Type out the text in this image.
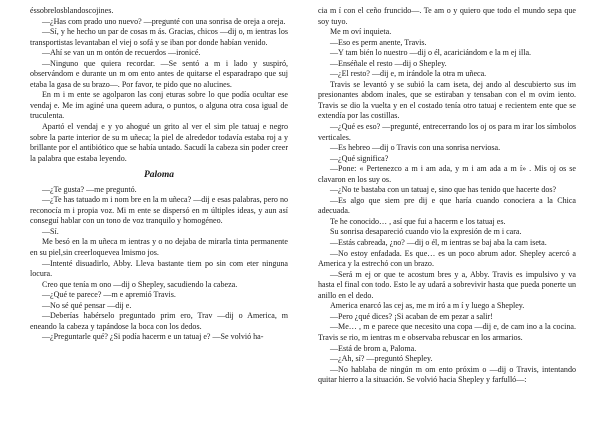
éssobrelosblandoscojines.

—¿Has com prado uno nuevo? —pregunté con una sonrisa de oreja a oreja.

—Sí, y he hecho un par de cosas m ás. Gracias, chicos —dij o, m ientras los transportistas levantaban el viej o sofá y se iban por donde habían venido.

—Ahí se van un m ontón de recuerdos —ironicé.

—Ninguno que quiera recordar. —Se sentó a m i lado y suspiró, observándom e durante un m om ento antes de quitarse el esparadrapo que suj etaba la gasa de su brazo—. Por favor, te pido que no alucines.

En m i m ente se agolparon las conj eturas sobre lo que podía ocultar ese vendaj e. Me im aginé una queem adura, o puntos, o alguna otra cosa igual de truculenta.

Apartó el vendaj e y yo ahogué un grito al ver el sim ple tatuaj e negro sobre la parte interior de su m uñeca; la piel de alrededor todavía estaba roj a y brillante por el antibiótico que se había untado. Sacudí la cabeza sin poder creer la palabra que estaba leyendo.

Paloma

—¿Te gusta? —me preguntó.

—¿Te has tatuado m i nom bre en la m uñeca? —dij e esas palabras, pero no reconocía m i propia voz. Mi m ente se dispersó en m últiples ideas, y aun así conseguí hablar con un tono de voz tranquilo y homogéneo.

—Sí.

Me besó en la m uñeca m ientras y o no dejaba de mirarla tinta permanente en su piel,sin creerloquevea lmismo jos.

—Intenté disuadirlo, Abby. Lleva bastante tiem po sin com eter ninguna locura.

Creo que tenía m ono —dij o Shepley, sacudiendo la cabeza.

—¿Qué te parece? —m e apremió Travis.

—No sé qué pensar —dij e.

—Deberías habérselo preguntado prim ero, Trav —dij o America, m eneando la cabeza y tapándose la boca con los dedos.

—¿Preguntarle qué? ¿Si podía hacerm e un tatuaj e? —Se volvió ha-

cia m í con el ceño fruncido—. Te am o y quiero que todo el mundo sepa que soy tuyo.

Me m oví inquieta.

—Eso es perm anente, Travis.

—Y tam bién lo nuestro —dij o él, acariciándom e la m ej illa.

—Enséñale el resto —dij o Shepley.

—¿El resto? —dij e, m irándole la otra m uñeca.

Travis se levantó y se subió la cam iseta, dej ando al descubierto sus im presionantes abdom inales, que se estiraban y tensaban con el m ovim iento. Travis se dio la vuelta y en el costado tenía otro tatuaj e recientem ente que se extendía por las costillas.

—¿Qué es eso? —pregunté, entrecerrando los oj os para m irar los símbolos verticales.

—Es hebreo —dij o Travis con una sonrisa nerviosa.

—¿Qué significa?

—Pone: « Pertenezco a m i am ada, y m i am ada a m í» . Mis oj os se clavaron en los suy os.

—¿No te bastaba con un tatuaj e, sino que has tenido que hacerte dos?

—Es algo que siem pre dij e que haría cuando conociera a la Chica adecuada.

Te he conocido… , así que fui a hacerm e los tatuaj es.

Su sonrisa desapareció cuando vio la expresión de m i cara.

—Estás cabreada, ¿no? —dij o él, m ientras se baj aba la cam iseta.

—No estoy enfadada. Es que… es un poco abrum ador. Shepley acercó a America y la estrechó con un brazo.

—Será m ej or que te acostum bres y a, Abby. Travis es impulsivo y va hasta el final con todo. Esto le ay udará a sobrevivir hasta que pueda ponerte un anillo en el dedo.

America enarcó las cej as, me m iró a m í y luego a Shepley.

—Pero ¿qué dices? ¡Si acaban de em pezar a salir!

—Me… , m e parece que necesito una copa —dij e, de cam ino a la cocina. Travis se rio, m ientras m e observaba rebuscar en los armarios.

—Está de brom a, Paloma.

—¿Ah, sí? —preguntó Shepley.

—No hablaba de ningún m om ento próxim o —dij o Travis, intentando quitar hierro a la situación. Se volvió hacia Shepley y farfulló—:
